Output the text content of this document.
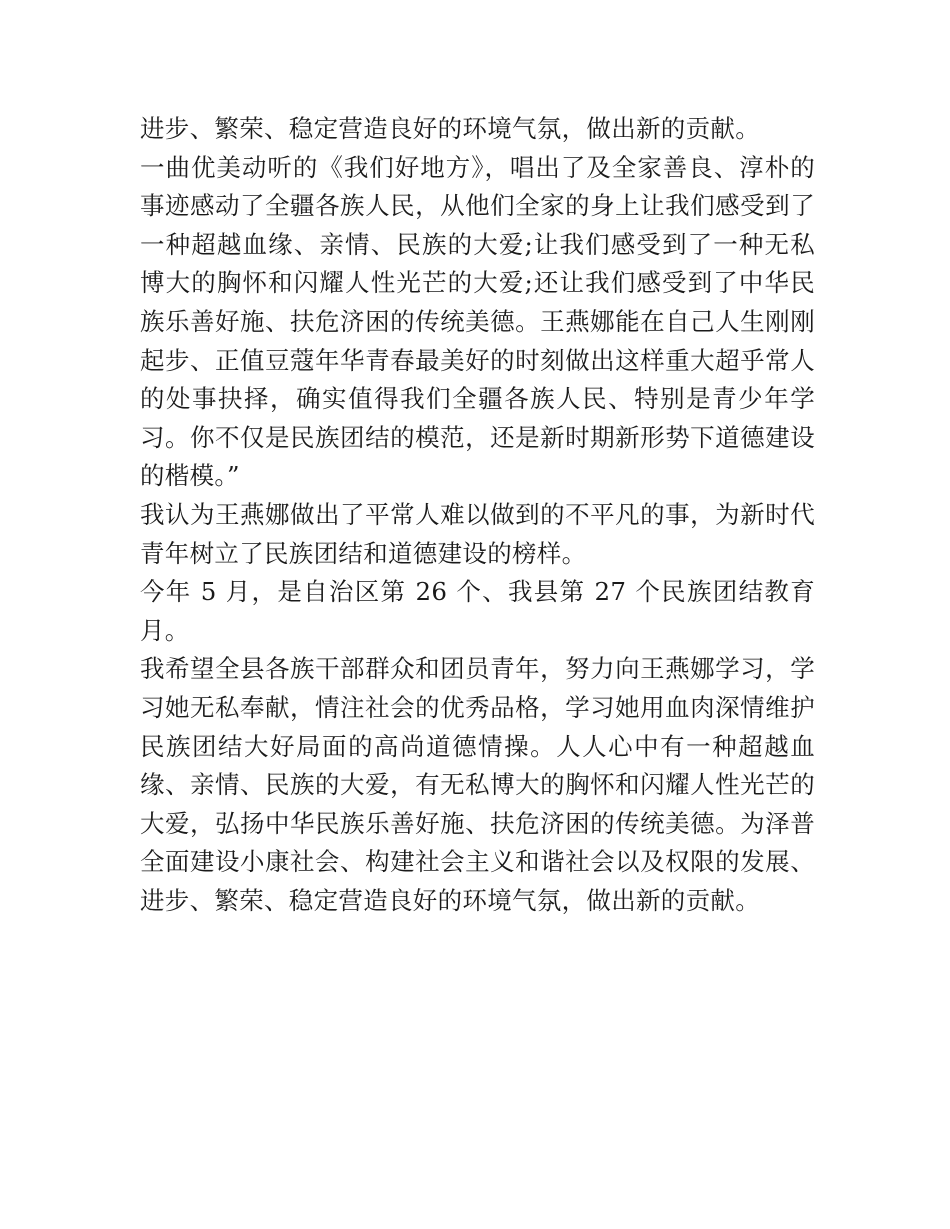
进步、繁荣、稳定营造良好的环境气氛，做出新的贡献。

一曲优美动听的《我们好地方》，唱出了及全家善良、淳朴的事迹感动了全疆各族人民，从他们全家的身上让我们感受到了一种超越血缘、亲情、民族的大爱;让我们感受到了一种无私博大的胸怀和闪耀人性光芒的大爱;还让我们感受到了中华民族乐善好施、扶危济困的传统美德。王燕娜能在自己人生刚刚起步、正值豆蔻年华青春最美好的时刻做出这样重大超乎常人的处事抉择，确实值得我们全疆各族人民、特别是青少年学习。你不仅是民族团结的模范，还是新时期新形势下道德建设的楷模。”

我认为王燕娜做出了平常人难以做到的不平凡的事，为新时代青年树立了民族团结和道德建设的榜样。

今年 5 月，是自治区第 26 个、我县第 27 个民族团结教育月。

我希望全县各族干部群众和团员青年，努力向王燕娜学习，学习她无私奉献，情注社会的优秀品格，学习她用血肉深情维护民族团结大好局面的高尚道德情操。人人心中有一种超越血缘、亲情、民族的大爱，有无私博大的胸怀和闪耀人性光芒的大爱，弘扬中华民族乐善好施、扶危济困的传统美德。为泽普全面建设小康社会、构建社会主义和谐社会以及权限的发展、进步、繁荣、稳定营造良好的环境气氛，做出新的贡献。
